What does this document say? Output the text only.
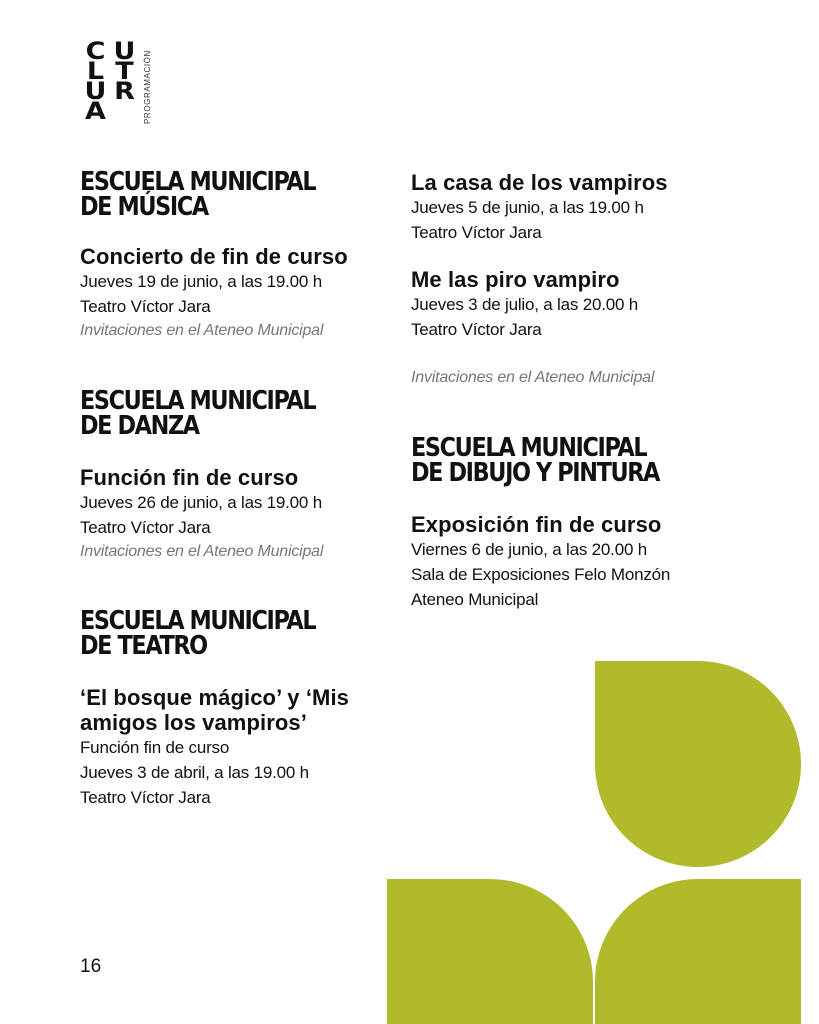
C U
L T
U R
A	PROGRAMACIÓN
ESCUELA MUNICIPAL DE MÚSICA
Concierto de fin de curso

Jueves 19 de junio, a las 19.00 h

Teatro Víctor Jara

Invitaciones en el Ateneo Municipal

ESCUELA MUNICIPAL DE DANZA
Función fin de curso

Jueves 26 de junio, a las 19.00 h

Teatro Víctor Jara

Invitaciones en el Ateneo Municipal

ESCUELA MUNICIPAL DE TEATRO
‘El bosque mágico’ y ‘Mis amigos los vampiros’

Función fin de curso

Jueves 3 de abril, a las 19.00 h

Teatro Víctor Jara

La casa de los vampiros

Jueves 5 de junio, a las 19.00 h

Teatro Víctor Jara

Me las piro vampiro

Jueves 3 de julio, a las 20.00 h

Teatro Víctor Jara

Invitaciones en el Ateneo Municipal

ESCUELA MUNICIPAL DE DIBUJO Y PINTURA
Exposición fin de curso

Viernes 6 de junio, a las 20.00 h

Sala de Exposiciones Felo Monzón

Ateneo Municipal

16
